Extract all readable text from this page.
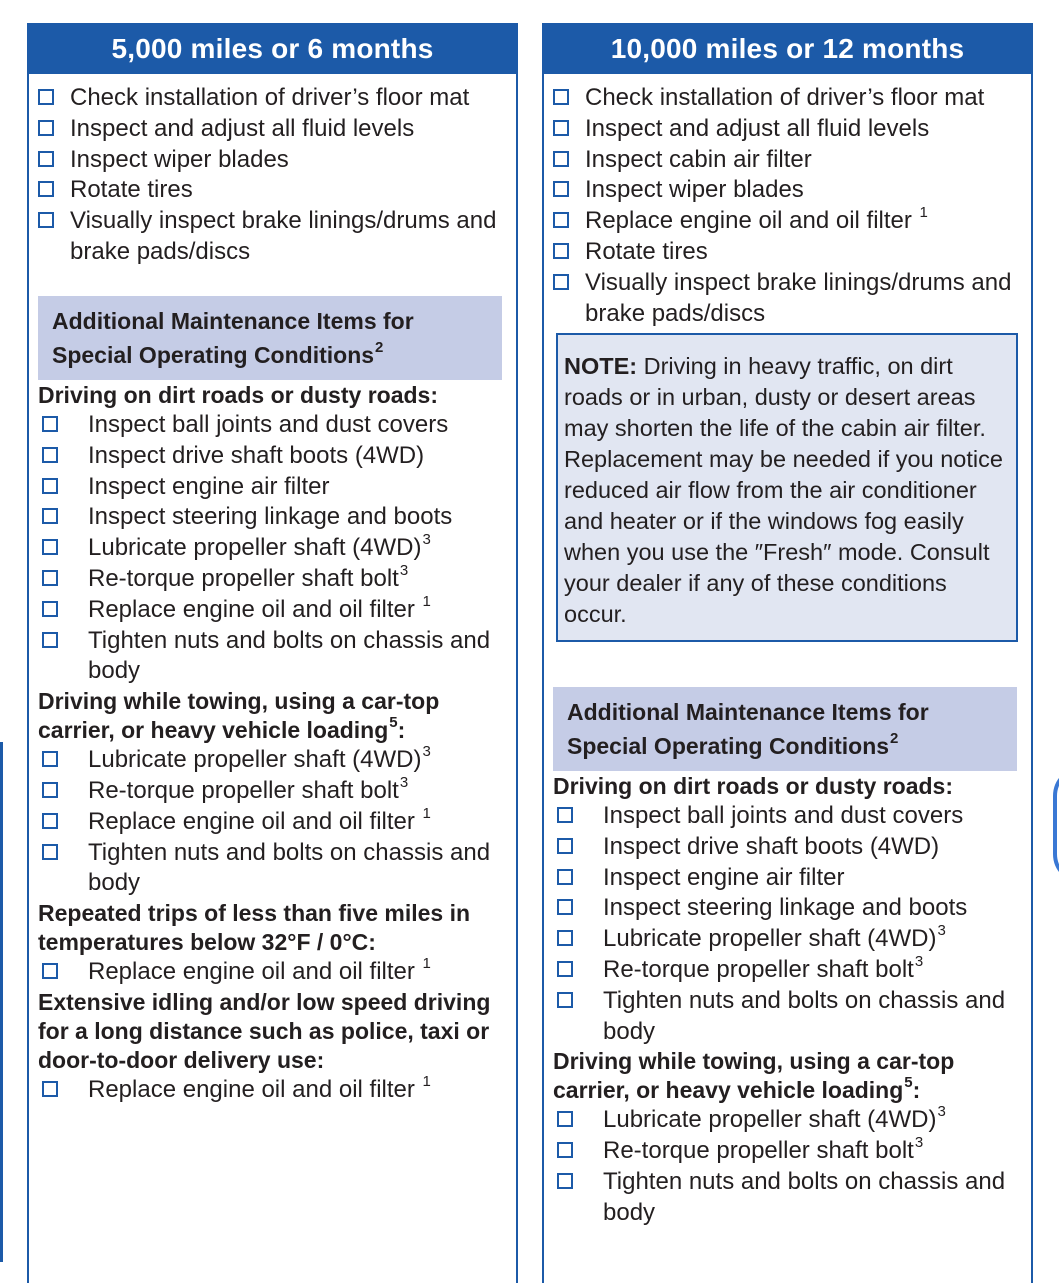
5,000 miles or 6 months
Check installation of driver’s floor mat
Inspect and adjust all fluid levels
Inspect wiper blades
Rotate tires
Visually inspect brake linings/drums and brake pads/discs
Additional Maintenance Items for
Special Operating Conditions$^2$
Driving on dirt roads or dusty roads:
Inspect ball joints and dust covers
Inspect drive shaft boots (4WD)
Inspect engine air filter
Inspect steering linkage and boots
Lubricate propeller shaft $(4WD)^3$
Re-torque propeller shaft bolt$^3$
Replace engine oil and oil filter $^1$
Tighten nuts and bolts on chassis and body
Driving while towing, using a car-top carrier, or heavy vehicle loading$^5$:
Lubricate propeller shaft $(4WD)^3$
Re-torque propeller shaft bolt$^3$
Replace engine oil and oil filter $^1$
Tighten nuts and bolts on chassis and body
Repeated trips of less than five miles in temperatures below 32°F / 0°C:
Replace engine oil and oil filter $^1$
Extensive idling and/or low speed driving for a long distance such as police, taxi or door-to-door delivery use:
Replace engine oil and oil filter $^1$
10,000 miles or 12 months
Check installation of driver’s floor mat
Inspect and adjust all fluid levels
Inspect cabin air filter
Inspect wiper blades
Replace engine oil and oil filter $^1$
Rotate tires
Visually inspect brake linings/drums and brake pads/discs
NOTE: Driving in heavy traffic, on dirt roads or in urban, dusty or desert areas may shorten the life of the cabin air filter. Replacement may be needed if you notice reduced air flow from the air conditioner and heater or if the windows fog easily when you use the ″Fresh″ mode. Consult your dealer if any of these conditions occur.
Additional Maintenance Items for
Special Operating Conditions$^2$
Driving on dirt roads or dusty roads:
Inspect ball joints and dust covers
Inspect drive shaft boots (4WD)
Inspect engine air filter
Inspect steering linkage and boots
Lubricate propeller shaft $(4WD)^3$
Re-torque propeller shaft bolt$^3$
Tighten nuts and bolts on chassis and body
Driving while towing, using a car-top carrier, or heavy vehicle loading$^5$:
Lubricate propeller shaft $(4WD)^3$
Re-torque propeller shaft bolt$^3$
Tighten nuts and bolts on chassis and body
